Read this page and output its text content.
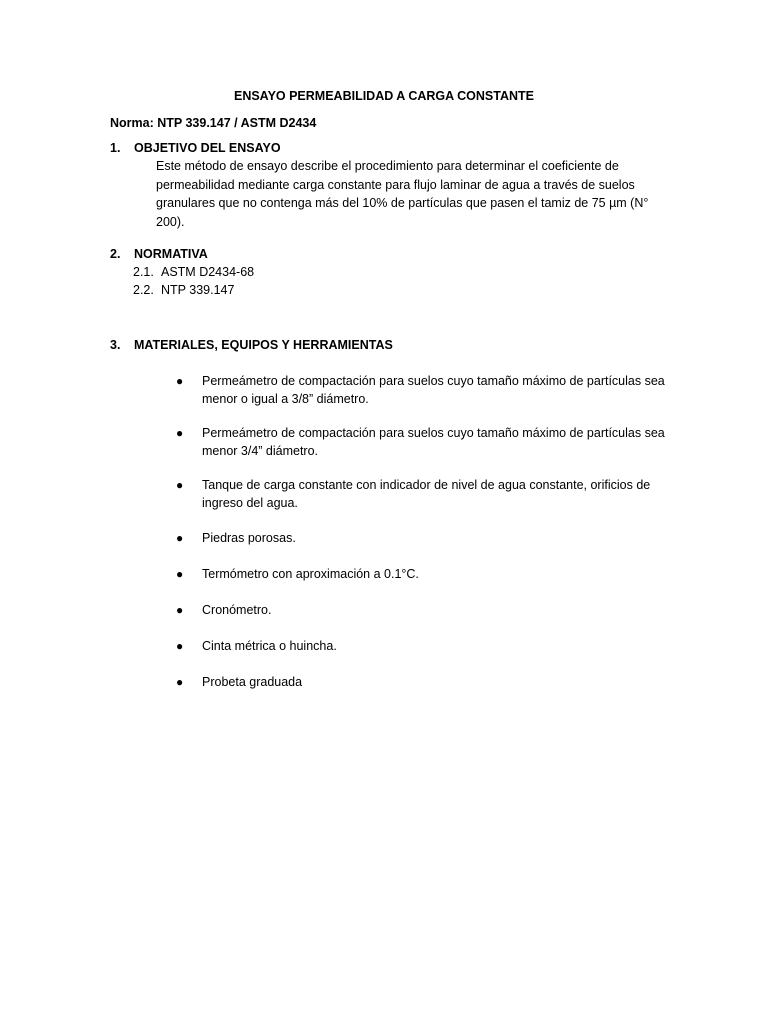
ENSAYO PERMEABILIDAD A CARGA CONSTANTE
Norma: NTP 339.147 / ASTM D2434
1. OBJETIVO DEL ENSAYO
Este método de ensayo describe el procedimiento para determinar el coeficiente de permeabilidad mediante carga constante para flujo laminar de agua a través de suelos granulares que no contenga más del 10% de partículas que pasen el tamiz de 75 µm (N° 200).
2. NORMATIVA
2.1. ASTM D2434-68
2.2. NTP 339.147
3. MATERIALES, EQUIPOS Y HERRAMIENTAS
● Permeámetro de compactación para suelos cuyo tamaño máximo de partículas sea menor o igual a 3/8” diámetro.
● Permeámetro de compactación para suelos cuyo tamaño máximo de partículas sea menor 3/4” diámetro.
● Tanque de carga constante con indicador de nivel de agua constante, orificios de ingreso del agua.
● Piedras porosas.
● Termómetro con aproximación a 0.1°C.
● Cronómetro.
● Cinta métrica o huincha.
● Probeta graduada
